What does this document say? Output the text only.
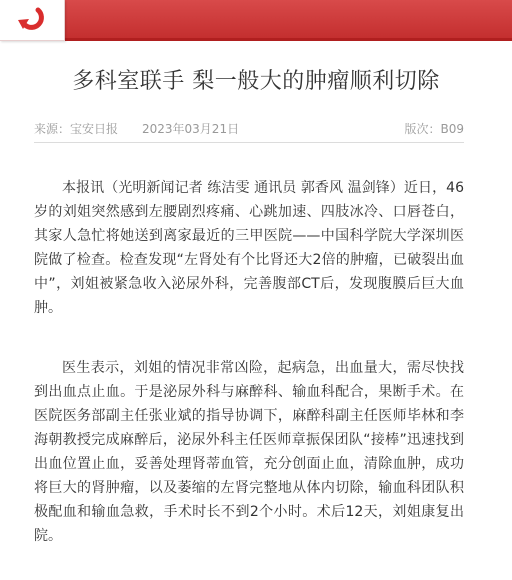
多科室联手 梨一般大的肿瘤顺利切除
来源：宝安日报 2023年03月21日	版次：B09

本报讯（光明新闻记者 练洁雯 通讯员 郭香风 温剑锋）近日，46岁的刘姐突然感到左腰剧烈疼痛、心跳加速、四肢冰冷、口唇苍白，其家人急忙将她送到离家最近的三甲医院——中国科学院大学深圳医院做了检查。检查发现“左肾处有个比肾还大2倍的肿瘤，已破裂出血中”，刘姐被紧急收入泌尿外科，完善腹部CT后，发现腹膜后巨大血肿。

医生表示，刘姐的情况非常凶险，起病急，出血量大，需尽快找到出血点止血。于是泌尿外科与麻醉科、输血科配合，果断手术。在医院医务部副主任张业斌的指导协调下，麻醉科副主任医师毕林和李海朝教授完成麻醉后，泌尿外科主任医师章振保团队“接棒”迅速找到出血位置止血，妥善处理肾蒂血管，充分创面止血，清除血肿，成功将巨大的肾肿瘤，以及萎缩的左肾完整地从体内切除，输血科团队积极配血和输血急救，手术时长不到2个小时。术后12天，刘姐康复出院。
